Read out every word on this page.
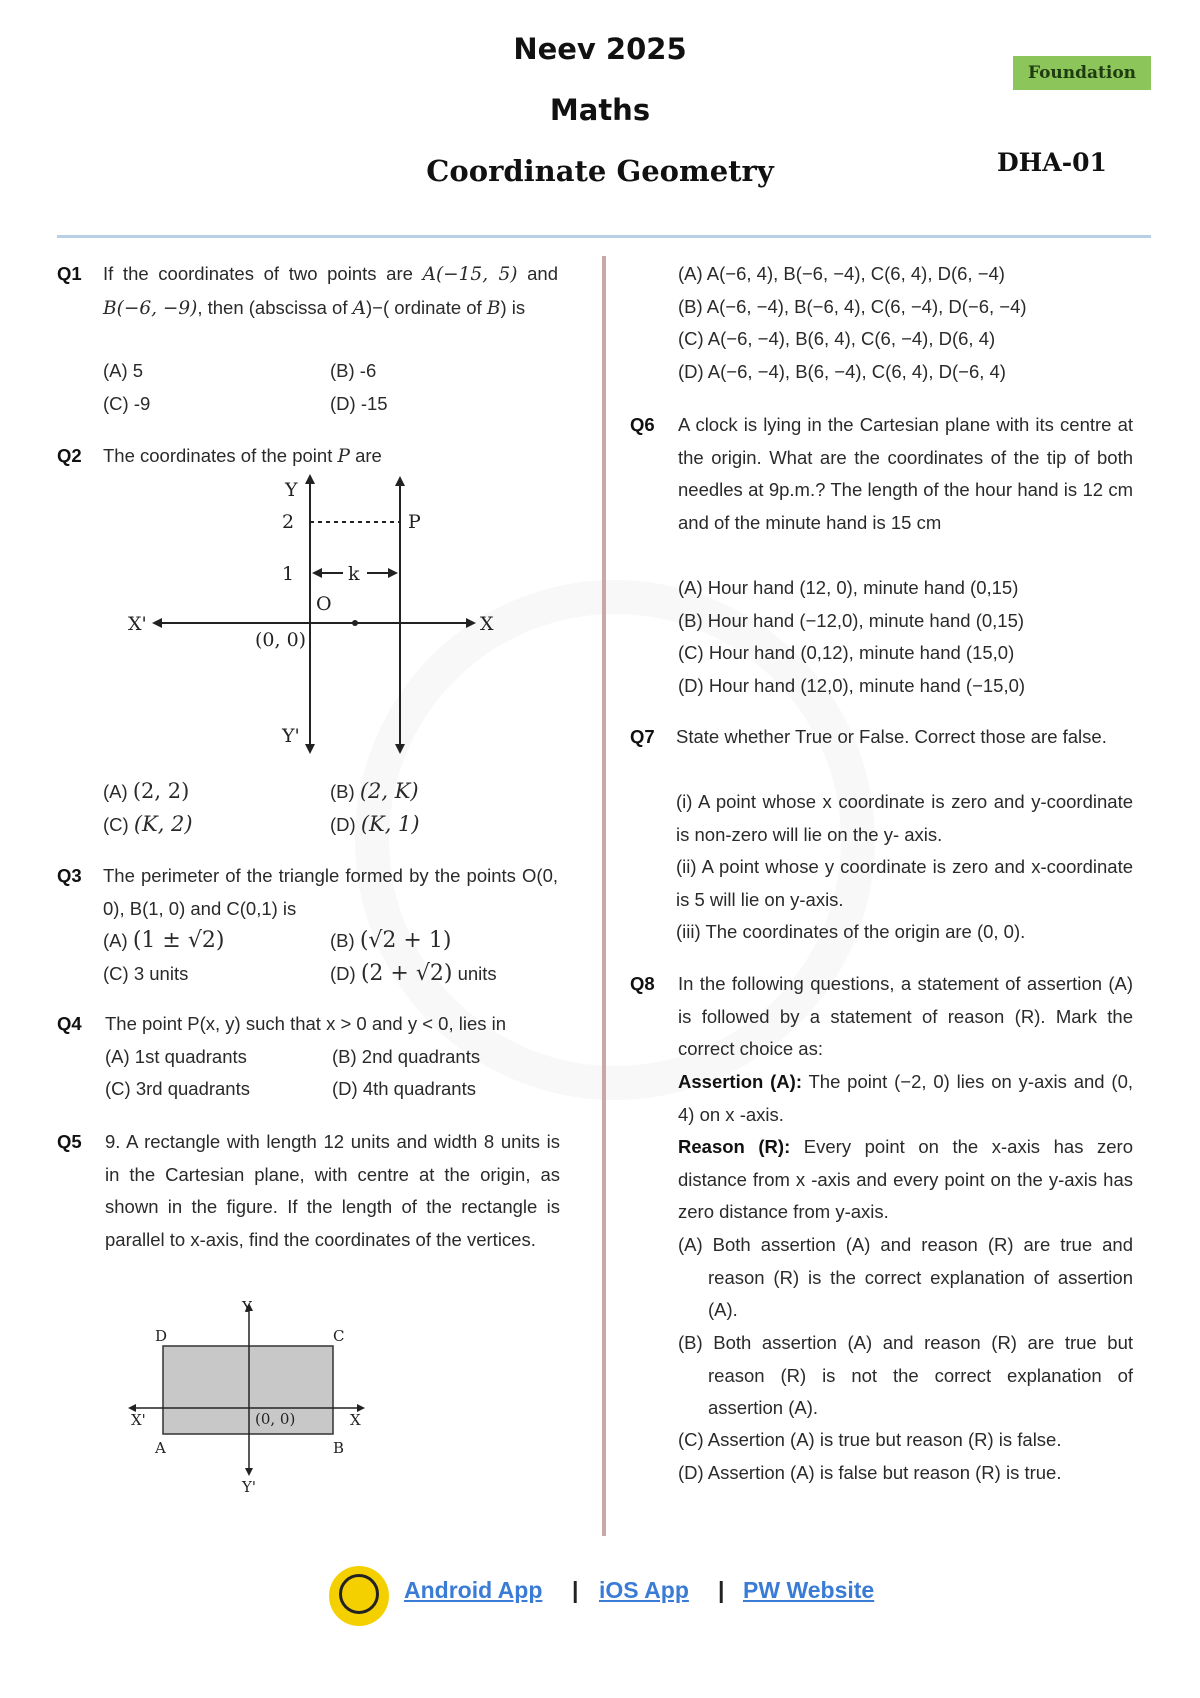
Neev 2025
Maths
Coordinate Geometry
Foundation
DHA-01
Q1 If the coordinates of two points are A(−15, 5) and B(−6, −9), then (abscissa of A)−( ordinate of B) is
(A) 5	(B) -6
(C) -9	(D) -15
Q2 The coordinates of the point P are
Y
2	P
1	k
O
X'	X
(0, 0)
Y'
(A) (2, 2)	(B) (2, K)
(C) (K, 2)	(D) (K, 1)
Q3 The perimeter of the triangle formed by the points O(0, 0), B(1, 0) and C(0,1) is
(A) (1 ± √2)	(B) (√2 + 1)
(C) 3 units	(D) (2 + √2) units
Q4 The point P(x, y) such that x > 0 and y < 0, lies in
(A) 1st quadrants	(B) 2nd quadrants
(C) 3rd quadrants	(D) 4th quadrants
Q5 9. A rectangle with length 12 units and width 8 units is in the Cartesian plane, with centre at the origin, as shown in the figure. If the length of the rectangle is parallel to x-axis, find the coordinates of the vertices.
Y
D	C
X'	X
(0, 0)
A	B
Y'
(A) A(−6, 4), B(−6, −4), C(6, 4), D(6, −4)
(B) A(−6, −4), B(−6, 4), C(6, −4), D(−6, −4)
(C) A(−6, −4), B(6, 4), C(6, −4), D(6, 4)
(D) A(−6, −4), B(6, −4), C(6, 4), D(−6, 4)
Q6 A clock is lying in the Cartesian plane with its centre at the origin. What are the coordinates of the tip of both needles at 9p.m.? The length of the hour hand is 12 cm and of the minute hand is 15 cm
(A) Hour hand (12, 0), minute hand (0,15)
(B) Hour hand (−12,0), minute hand (0,15)
(C) Hour hand (0,12), minute hand (15,0)
(D) Hour hand (12,0), minute hand (−15,0)
Q7 State whether True or False. Correct those are false.
(i) A point whose x coordinate is zero and y-coordinate is non-zero will lie on the y- axis.
(ii) A point whose y coordinate is zero and x-coordinate is 5 will lie on y-axis.
(iii) The coordinates of the origin are (0, 0).
Q8 In the following questions, a statement of assertion (A) is followed by a statement of reason (R). Mark the correct choice as:
Assertion (A): The point (−2, 0) lies on y-axis and (0, 4) on x -axis.
Reason (R): Every point on the x-axis has zero distance from x -axis and every point on the y-axis has zero distance from y-axis.
(A) Both assertion (A) and reason (R) are true and reason (R) is the correct explanation of assertion (A).
(B) Both assertion (A) and reason (R) are true but reason (R) is not the correct explanation of assertion (A).
(C) Assertion (A) is true but reason (R) is false.
(D) Assertion (A) is false but reason (R) is true.
Android App | iOS App | PW Website
